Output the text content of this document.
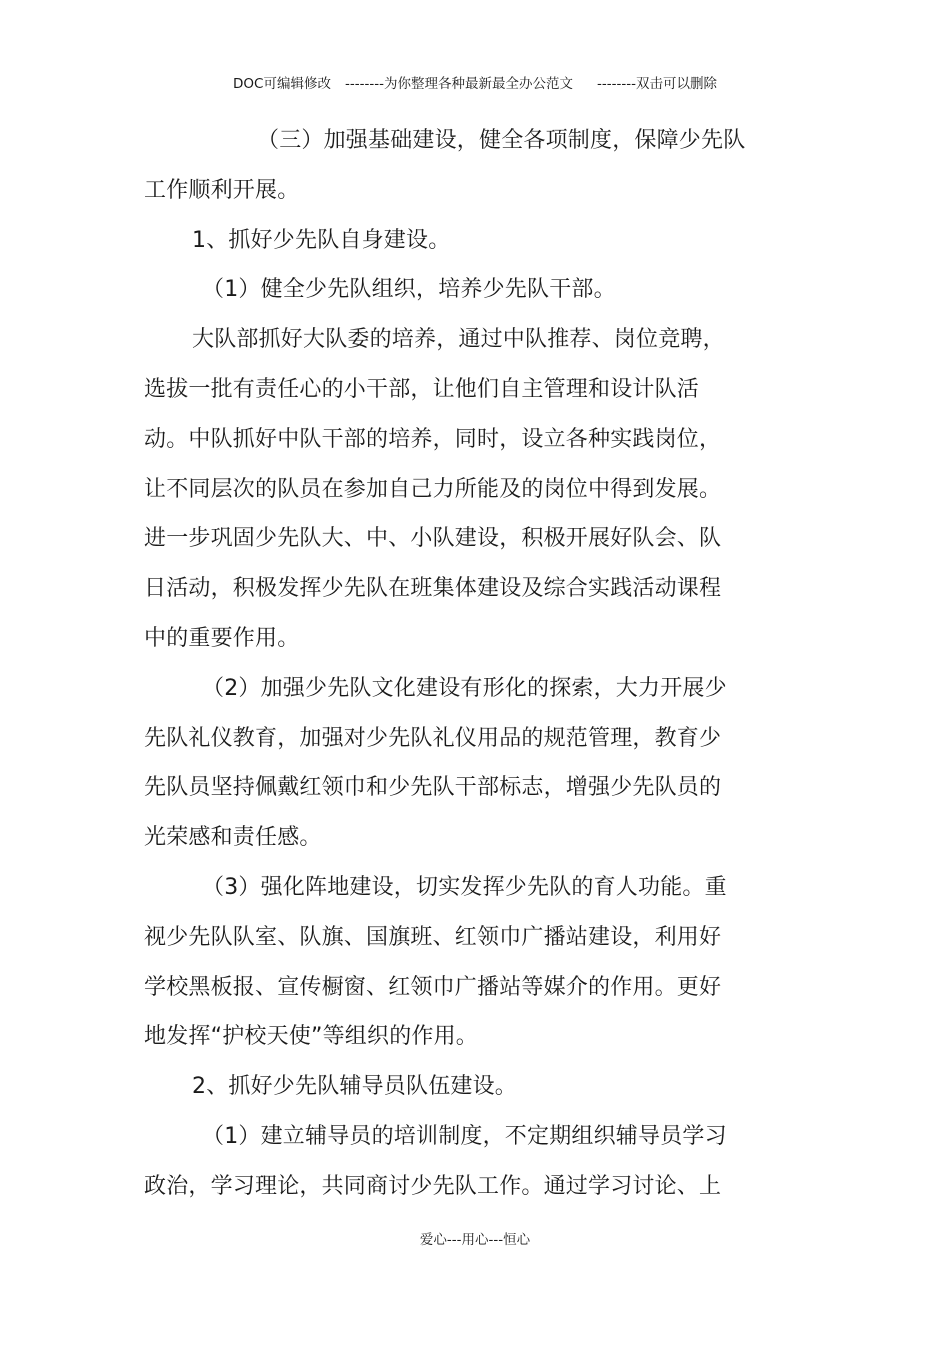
DOC可编辑修改 --------为你整理各种最新最全办公范文 --------双击可以删除
（三）加强基础建设，健全各项制度，保障少先队
工作顺利开展。
1、抓好少先队自身建设。
（1）健全少先队组织，培养少先队干部。
大队部抓好大队委的培养，通过中队推荐、岗位竞聘，
选拔一批有责任心的小干部，让他们自主管理和设计队活
动。中队抓好中队干部的培养，同时，设立各种实践岗位，
让不同层次的队员在参加自己力所能及的岗位中得到发展。
进一步巩固少先队大、中、小队建设，积极开展好队会、队
日活动，积极发挥少先队在班集体建设及综合实践活动课程
中的重要作用。
（2）加强少先队文化建设有形化的探索，大力开展少
先队礼仪教育，加强对少先队礼仪用品的规范管理，教育少
先队员坚持佩戴红领巾和少先队干部标志，增强少先队员的
光荣感和责任感。
（3）强化阵地建设，切实发挥少先队的育人功能。重
视少先队队室、队旗、国旗班、红领巾广播站建设，利用好
学校黑板报、宣传橱窗、红领巾广播站等媒介的作用。更好
地发挥“护校天使”等组织的作用。
2、抓好少先队辅导员队伍建设。
（1）建立辅导员的培训制度，不定期组织辅导员学习
政治，学习理论，共同商讨少先队工作。通过学习讨论、上
爱心---用心---恒心
